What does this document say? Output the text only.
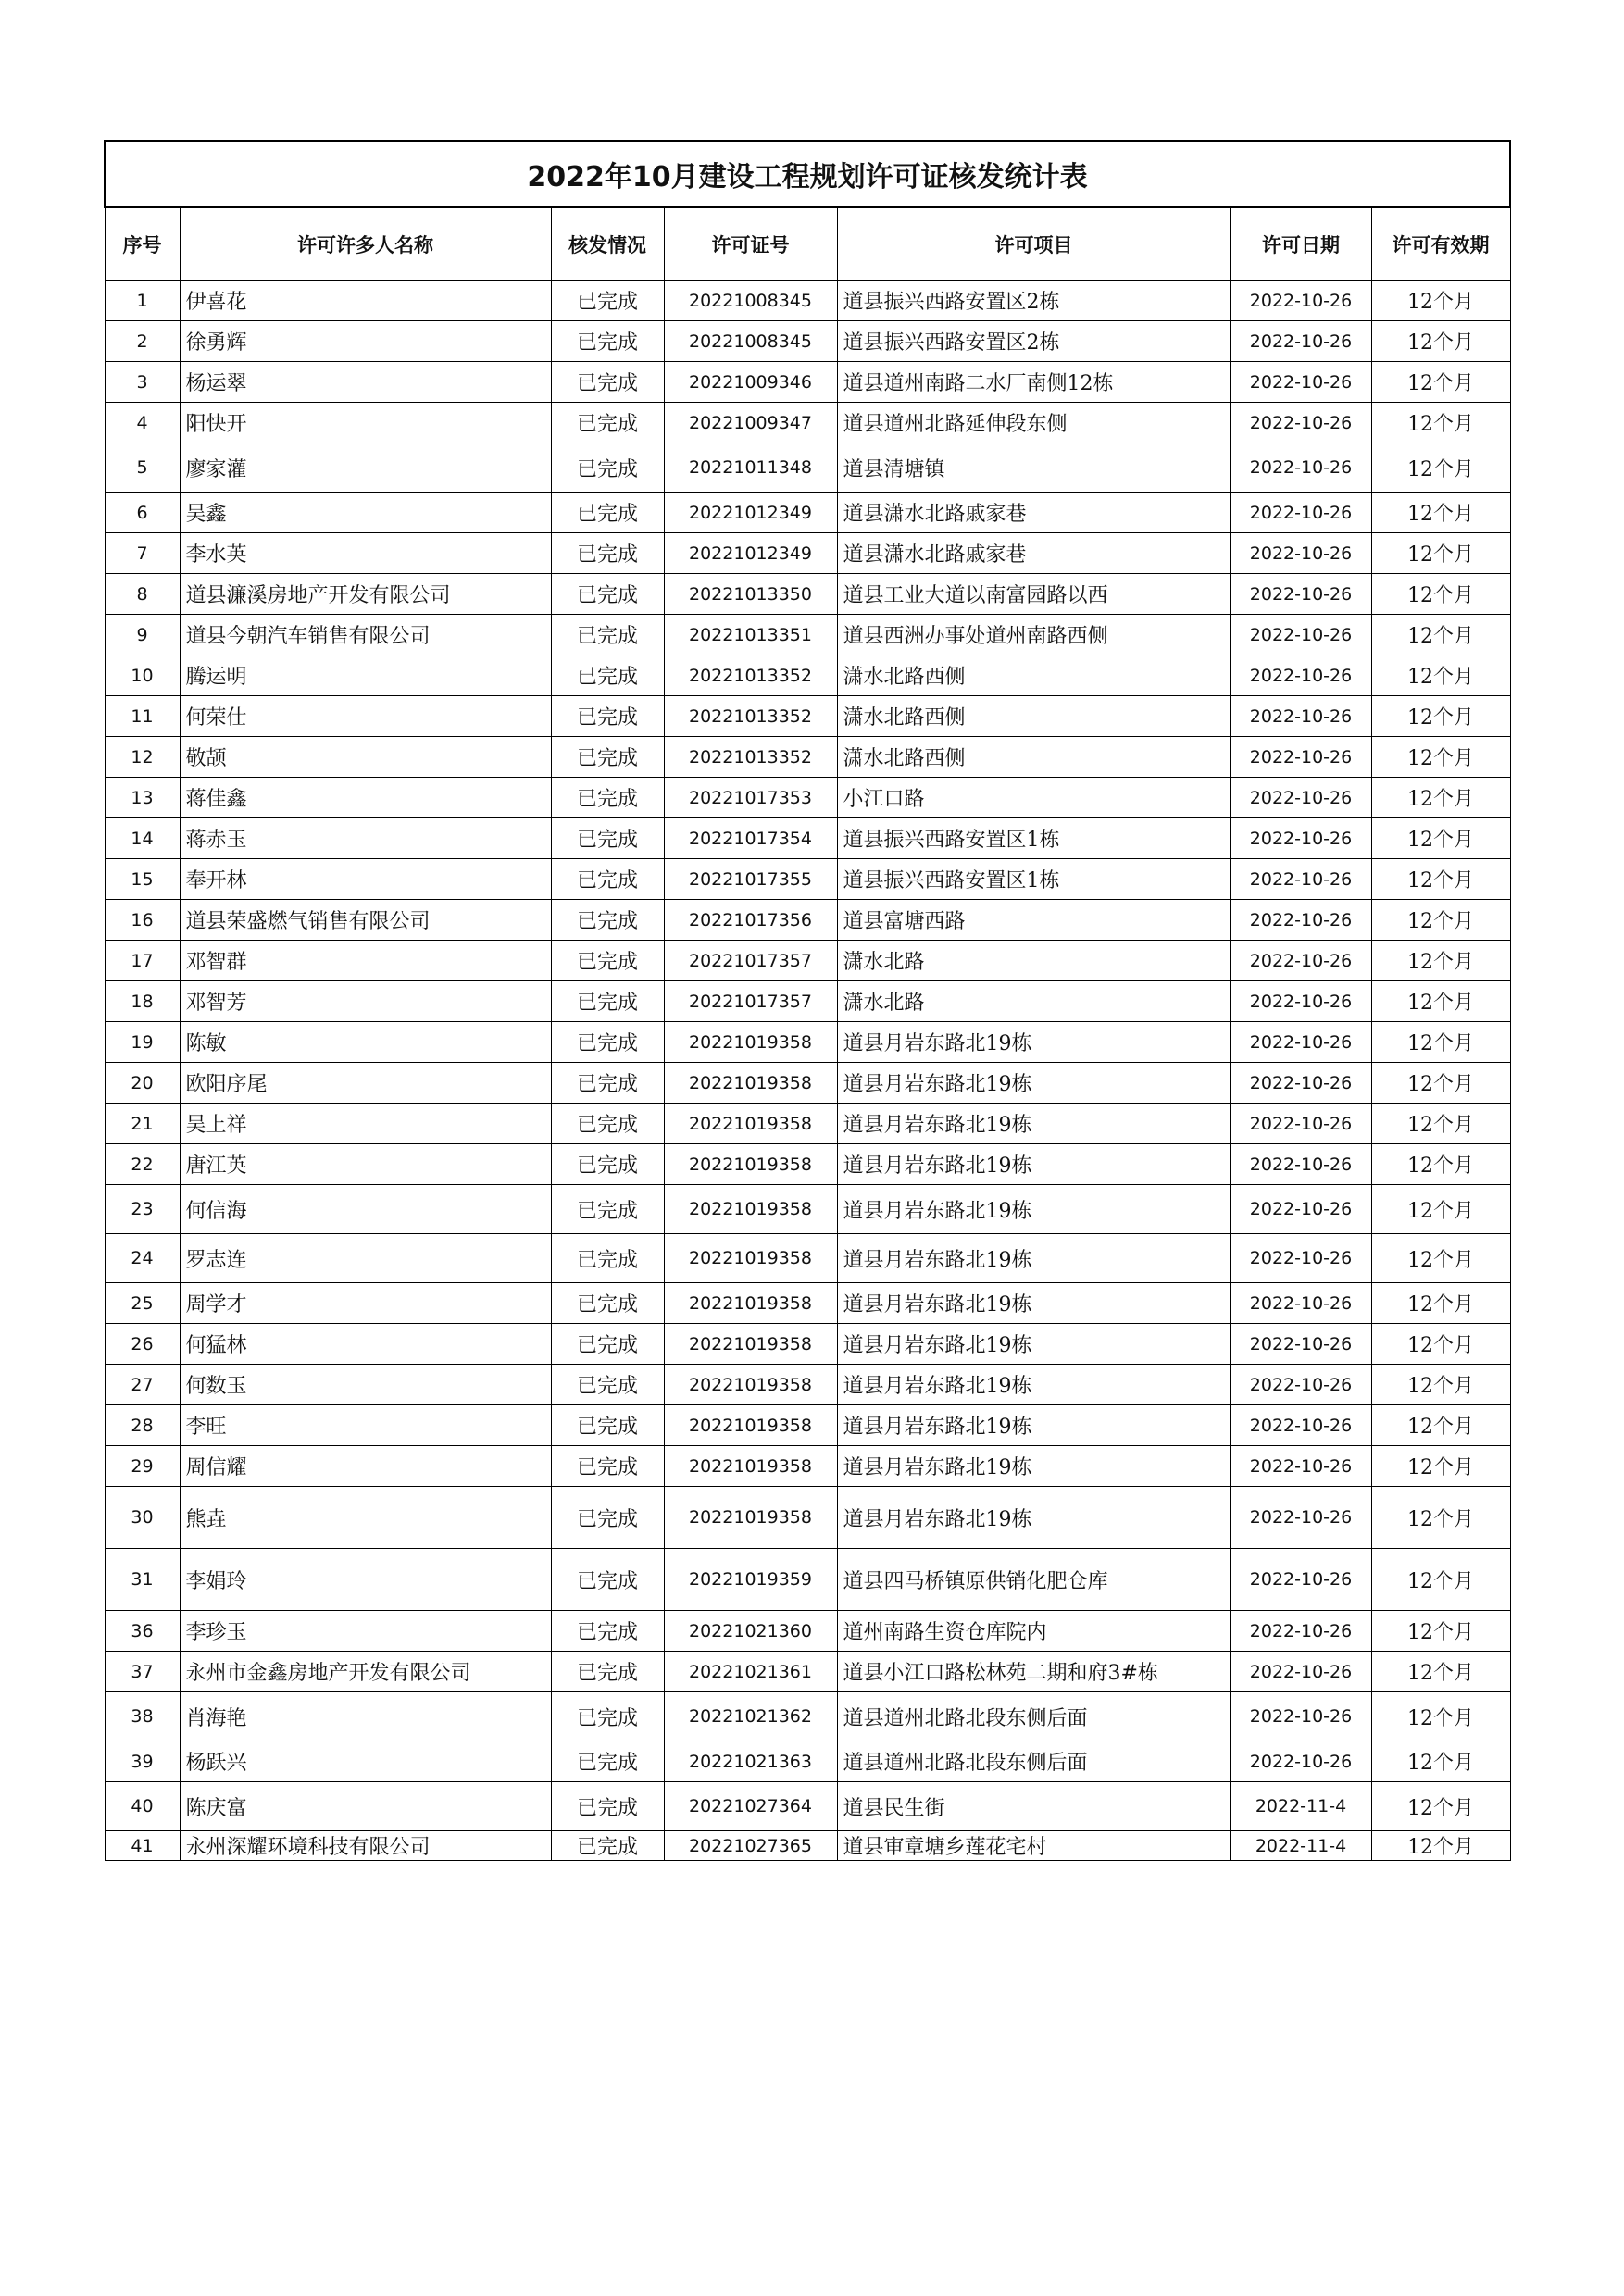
2022年10月建设工程规划许可证核发统计表						
序号	许可许多人名称	核发情况	许可证号	许可项目	许可日期	许可有效期
1	伊喜花	已完成	20221008345	道县振兴西路安置区2栋	2022-10-26	12个月
2	徐勇辉	已完成	20221008345	道县振兴西路安置区2栋	2022-10-26	12个月
3	杨运翠	已完成	20221009346	道县道州南路二水厂南侧12栋	2022-10-26	12个月
4	阳快开	已完成	20221009347	道县道州北路延伸段东侧	2022-10-26	12个月
5	廖家灌	已完成	20221011348	道县清塘镇	2022-10-26	12个月
6	吴鑫	已完成	20221012349	道县潇水北路戚家巷	2022-10-26	12个月
7	李水英	已完成	20221012349	道县潇水北路戚家巷	2022-10-26	12个月
8	道县濂溪房地产开发有限公司	已完成	20221013350	道县工业大道以南富园路以西	2022-10-26	12个月
9	道县今朝汽车销售有限公司	已完成	20221013351	道县西洲办事处道州南路西侧	2022-10-26	12个月
10	腾运明	已完成	20221013352	潇水北路西侧	2022-10-26	12个月
11	何荣仕	已完成	20221013352	潇水北路西侧	2022-10-26	12个月
12	敬颉	已完成	20221013352	潇水北路西侧	2022-10-26	12个月
13	蒋佳鑫	已完成	20221017353	小江口路	2022-10-26	12个月
14	蒋赤玉	已完成	20221017354	道县振兴西路安置区1栋	2022-10-26	12个月
15	奉开林	已完成	20221017355	道县振兴西路安置区1栋	2022-10-26	12个月
16	道县荣盛燃气销售有限公司	已完成	20221017356	道县富塘西路	2022-10-26	12个月
17	邓智群	已完成	20221017357	潇水北路	2022-10-26	12个月
18	邓智芳	已完成	20221017357	潇水北路	2022-10-26	12个月
19	陈敏	已完成	20221019358	道县月岩东路北19栋	2022-10-26	12个月
20	欧阳序尾	已完成	20221019358	道县月岩东路北19栋	2022-10-26	12个月
21	吴上祥	已完成	20221019358	道县月岩东路北19栋	2022-10-26	12个月
22	唐江英	已完成	20221019358	道县月岩东路北19栋	2022-10-26	12个月
23	何信海	已完成	20221019358	道县月岩东路北19栋	2022-10-26	12个月
24	罗志连	已完成	20221019358	道县月岩东路北19栋	2022-10-26	12个月
25	周学才	已完成	20221019358	道县月岩东路北19栋	2022-10-26	12个月
26	何猛林	已完成	20221019358	道县月岩东路北19栋	2022-10-26	12个月
27	何数玉	已完成	20221019358	道县月岩东路北19栋	2022-10-26	12个月
28	李旺	已完成	20221019358	道县月岩东路北19栋	2022-10-26	12个月
29	周信耀	已完成	20221019358	道县月岩东路北19栋	2022-10-26	12个月
30	熊垚	已完成	20221019358	道县月岩东路北19栋	2022-10-26	12个月
31	李娟玲	已完成	20221019359	道县四马桥镇原供销化肥仓库	2022-10-26	12个月
36	李珍玉	已完成	20221021360	道州南路生资仓库院内	2022-10-26	12个月
37	永州市金鑫房地产开发有限公司	已完成	20221021361	道县小江口路松林苑二期和府3#栋	2022-10-26	12个月
38	肖海艳	已完成	20221021362	道县道州北路北段东侧后面	2022-10-26	12个月
39	杨跃兴	已完成	20221021363	道县道州北路北段东侧后面	2022-10-26	12个月
40	陈庆富	已完成	20221027364	道县民生街	2022-11-4	12个月
41	永州深耀环境科技有限公司	已完成	20221027365	道县审章塘乡莲花宅村	2022-11-4	12个月
